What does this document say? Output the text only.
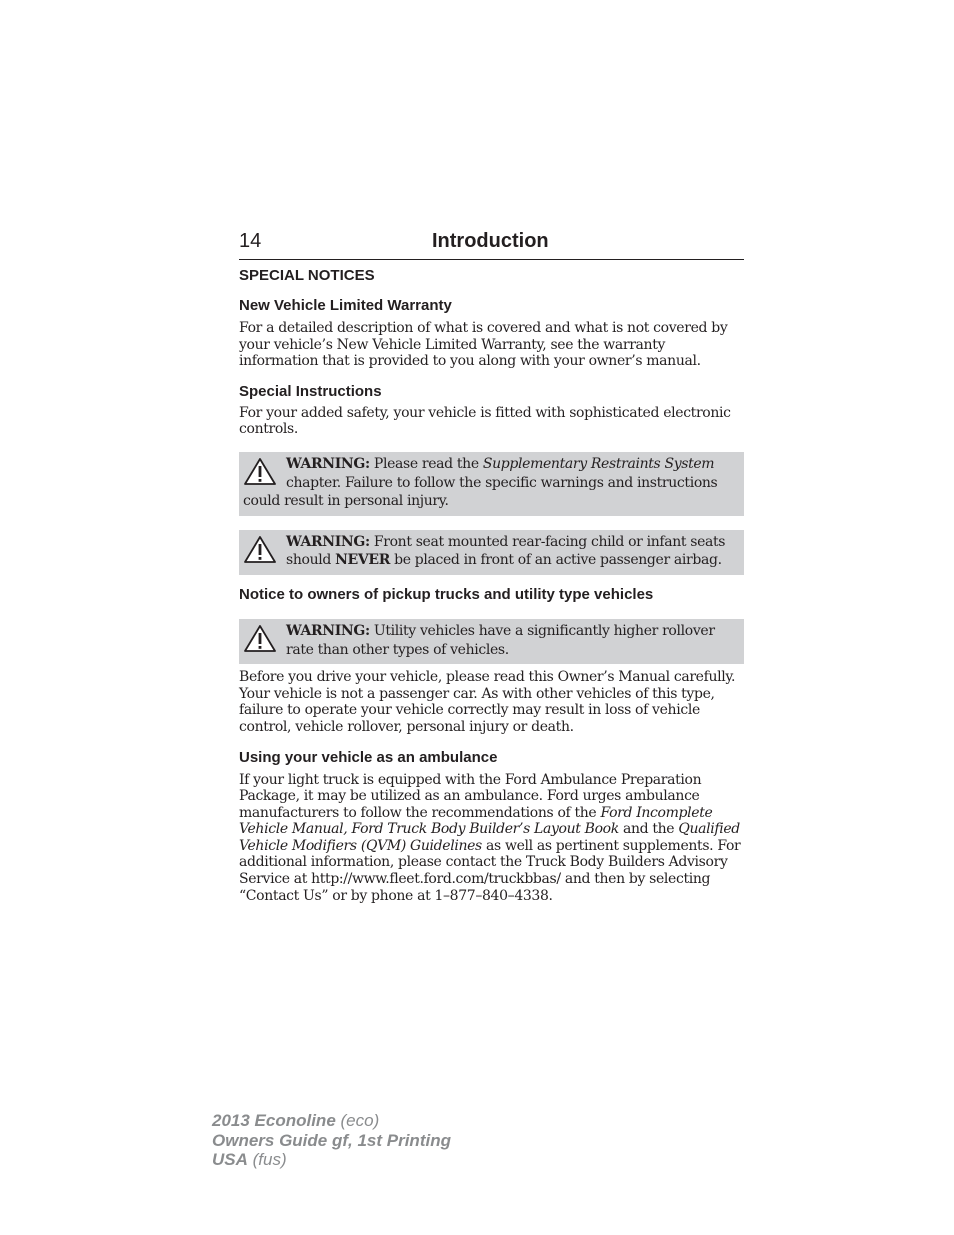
14	Introduction
SPECIAL NOTICES
New Vehicle Limited Warranty

For a detailed description of what is covered and what is not covered by your vehicle’s New Vehicle Limited Warranty, see the warranty information that is provided to you along with your owner’s manual.

Special Instructions

For your added safety, your vehicle is fitted with sophisticated electronic controls.

WARNING: Please read the Supplementary Restraints System chapter. Failure to follow the specific warnings and instructions could result in personal injury.

WARNING: Front seat mounted rear-facing child or infant seats should NEVER be placed in front of an active passenger airbag.

Notice to owners of pickup trucks and utility type vehicles

WARNING: Utility vehicles have a significantly higher rollover rate than other types of vehicles.

Before you drive your vehicle, please read this Owner’s Manual carefully. Your vehicle is not a passenger car. As with other vehicles of this type, failure to operate your vehicle correctly may result in loss of vehicle control, vehicle rollover, personal injury or death.

Using your vehicle as an ambulance

If your light truck is equipped with the Ford Ambulance Preparation Package, it may be utilized as an ambulance. Ford urges ambulance manufacturers to follow the recommendations of the Ford Incomplete Vehicle Manual, Ford Truck Body Builder’s Layout Book and the Qualified Vehicle Modifiers (QVM) Guidelines as well as pertinent supplements. For additional information, please contact the Truck Body Builders Advisory Service at http://www.fleet.ford.com/truckbbas/ and then by selecting “Contact Us” or by phone at 1–877–840–4338.

2013 Econoline (eco)
Owners Guide gf, 1st Printing
USA (fus)
